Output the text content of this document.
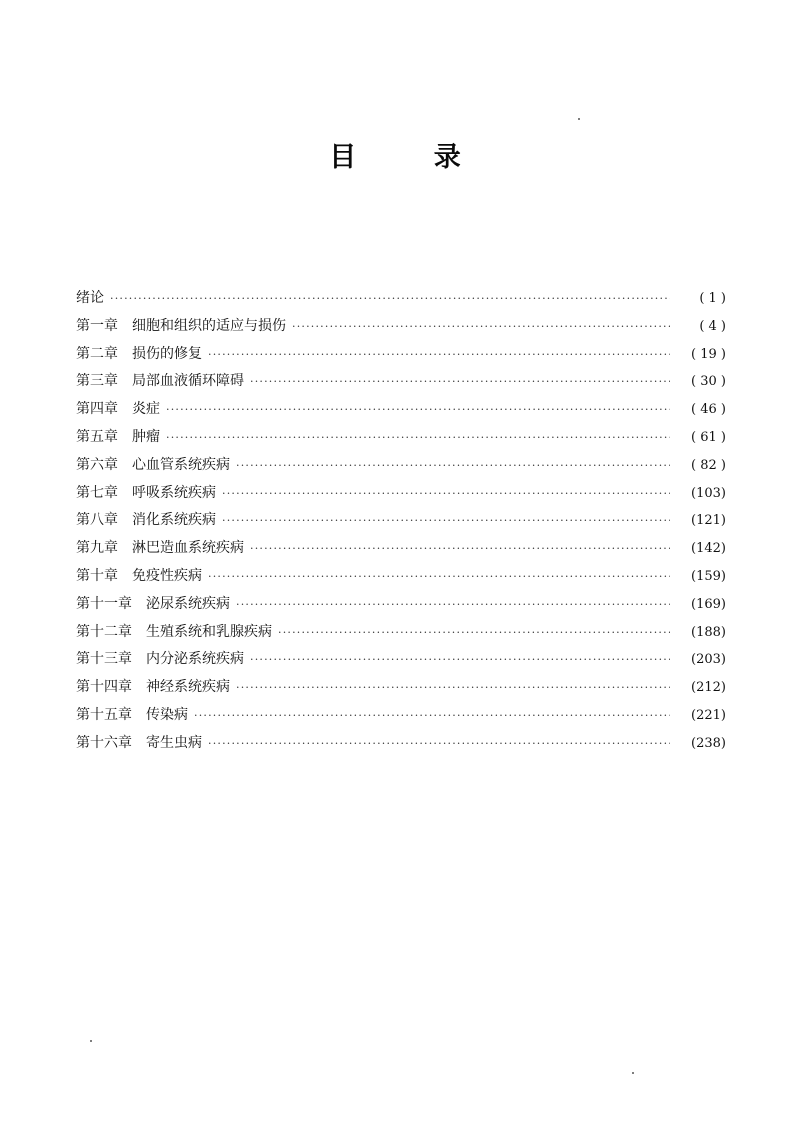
目 录
绪论 ·····	( 1 )
第一章	细胞和组织的适应与损伤 ·····	( 4 )
第二章	损伤的修复 ·····	( 19 )
第三章	局部血液循环障碍 ·····	( 30 )
第四章	炎症 ·····	( 46 )
第五章	肿瘤 ·····	( 61 )
第六章	心血管系统疾病 ·····	( 82 )
第七章	呼吸系统疾病 ·····	(103)
第八章	消化系统疾病 ·····	(121)
第九章	淋巴造血系统疾病 ·····	(142)
第十章	免疫性疾病 ·····	(159)
第十一章	泌尿系统疾病 ·····	(169)
第十二章	生殖系统和乳腺疾病 ·····	(188)
第十三章	内分泌系统疾病 ·····	(203)
第十四章	神经系统疾病 ·····	(212)
第十五章	传染病 ·····	(221)
第十六章	寄生虫病 ·····	(238)
